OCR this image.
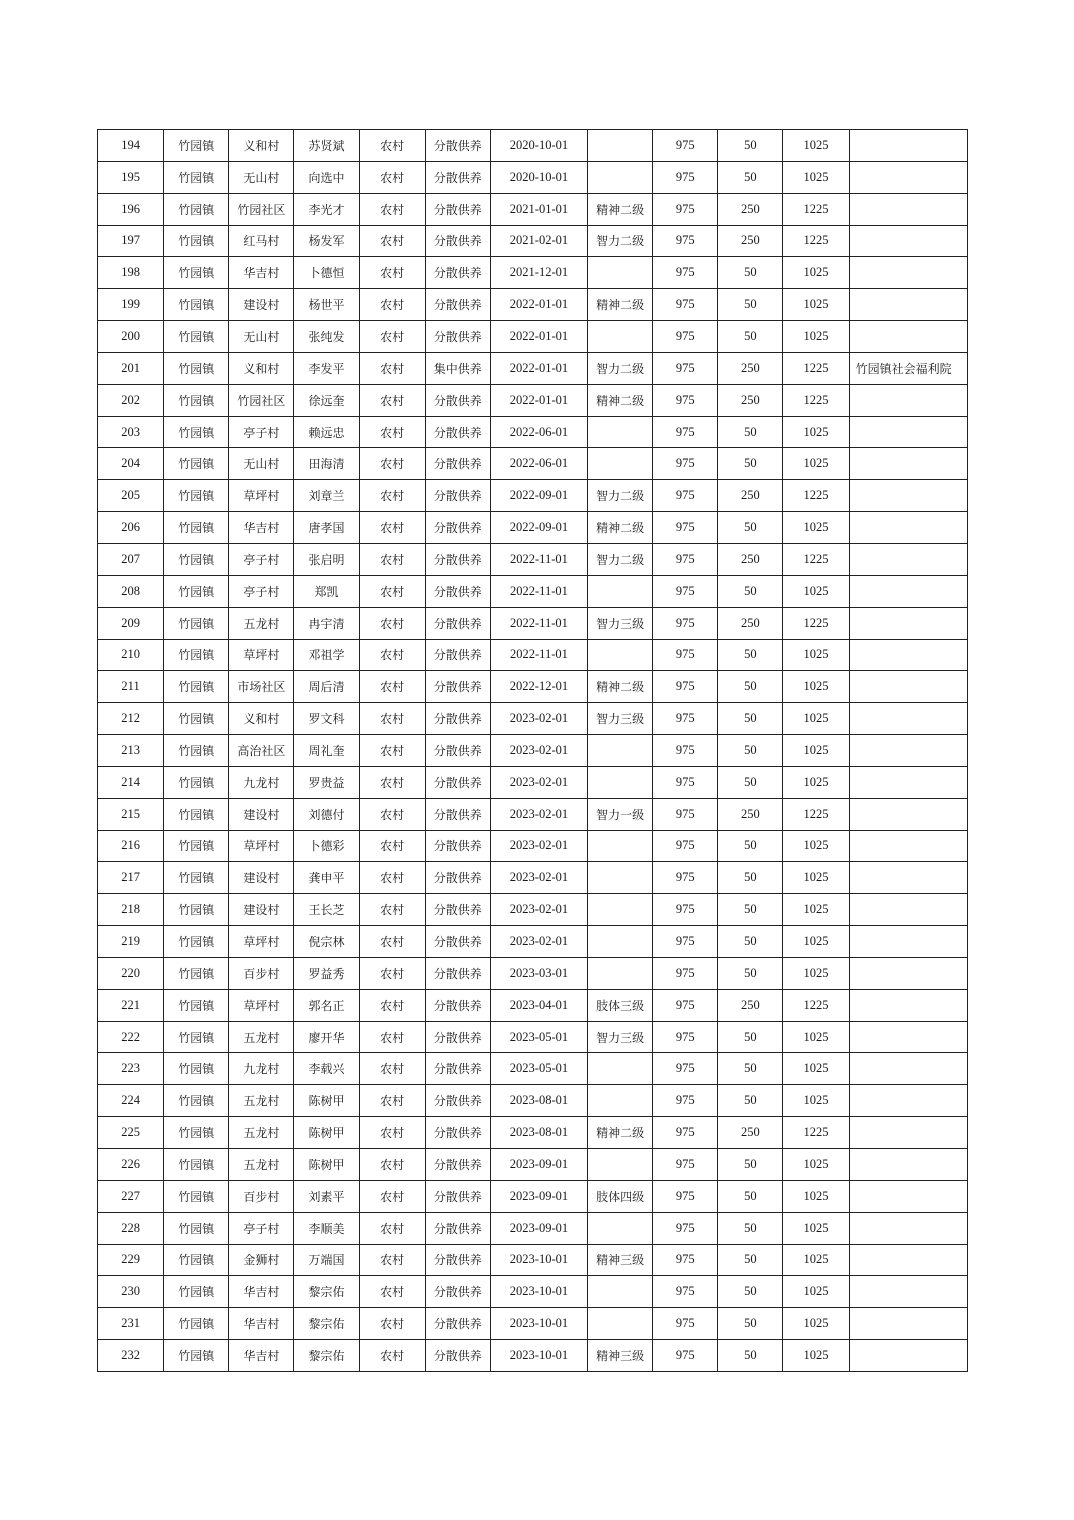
194	竹园镇	义和村	苏贤斌	农村	分散供养	2020-10-01		975	50	1025	
195	竹园镇	无山村	向选中	农村	分散供养	2020-10-01		975	50	1025	
196	竹园镇	竹园社区	李光才	农村	分散供养	2021-01-01	精神二级	975	250	1225	
197	竹园镇	红马村	杨发军	农村	分散供养	2021-02-01	智力二级	975	250	1225	
198	竹园镇	华吉村	卜德恒	农村	分散供养	2021-12-01		975	50	1025	
199	竹园镇	建设村	杨世平	农村	分散供养	2022-01-01	精神二级	975	50	1025	
200	竹园镇	无山村	张纯发	农村	分散供养	2022-01-01		975	50	1025	
201	竹园镇	义和村	李发平	农村	集中供养	2022-01-01	智力二级	975	250	1225	竹园镇社会福利院
202	竹园镇	竹园社区	徐远奎	农村	分散供养	2022-01-01	精神二级	975	250	1225	
203	竹园镇	亭子村	赖远忠	农村	分散供养	2022-06-01		975	50	1025	
204	竹园镇	无山村	田海清	农村	分散供养	2022-06-01		975	50	1025	
205	竹园镇	草坪村	刘章兰	农村	分散供养	2022-09-01	智力二级	975	250	1225	
206	竹园镇	华吉村	唐孝国	农村	分散供养	2022-09-01	精神二级	975	50	1025	
207	竹园镇	亭子村	张启明	农村	分散供养	2022-11-01	智力二级	975	250	1225	
208	竹园镇	亭子村	郑凯	农村	分散供养	2022-11-01		975	50	1025	
209	竹园镇	五龙村	冉宇清	农村	分散供养	2022-11-01	智力三级	975	250	1225	
210	竹园镇	草坪村	邓祖学	农村	分散供养	2022-11-01		975	50	1025	
211	竹园镇	市场社区	周后清	农村	分散供养	2022-12-01	精神二级	975	50	1025	
212	竹园镇	义和村	罗文科	农村	分散供养	2023-02-01	智力三级	975	50	1025	
213	竹园镇	高治社区	周礼奎	农村	分散供养	2023-02-01		975	50	1025	
214	竹园镇	九龙村	罗贵益	农村	分散供养	2023-02-01		975	50	1025	
215	竹园镇	建设村	刘德付	农村	分散供养	2023-02-01	智力一级	975	250	1225	
216	竹园镇	草坪村	卜德彩	农村	分散供养	2023-02-01		975	50	1025	
217	竹园镇	建设村	龚申平	农村	分散供养	2023-02-01		975	50	1025	
218	竹园镇	建设村	王长芝	农村	分散供养	2023-02-01		975	50	1025	
219	竹园镇	草坪村	倪宗林	农村	分散供养	2023-02-01		975	50	1025	
220	竹园镇	百步村	罗益秀	农村	分散供养	2023-03-01		975	50	1025	
221	竹园镇	草坪村	郭名正	农村	分散供养	2023-04-01	肢体三级	975	250	1225	
222	竹园镇	五龙村	廖开华	农村	分散供养	2023-05-01	智力三级	975	50	1025	
223	竹园镇	九龙村	李载兴	农村	分散供养	2023-05-01		975	50	1025	
224	竹园镇	五龙村	陈树甲	农村	分散供养	2023-08-01		975	50	1025	
225	竹园镇	五龙村	陈树甲	农村	分散供养	2023-08-01	精神二级	975	250	1225	
226	竹园镇	五龙村	陈树甲	农村	分散供养	2023-09-01		975	50	1025	
227	竹园镇	百步村	刘素平	农村	分散供养	2023-09-01	肢体四级	975	50	1025	
228	竹园镇	亭子村	李顺美	农村	分散供养	2023-09-01		975	50	1025	
229	竹园镇	金狮村	万端国	农村	分散供养	2023-10-01	精神三级	975	50	1025	
230	竹园镇	华吉村	黎宗佑	农村	分散供养	2023-10-01		975	50	1025	
231	竹园镇	华吉村	黎宗佑	农村	分散供养	2023-10-01		975	50	1025	
232	竹园镇	华吉村	黎宗佑	农村	分散供养	2023-10-01	精神三级	975	50	1025	
